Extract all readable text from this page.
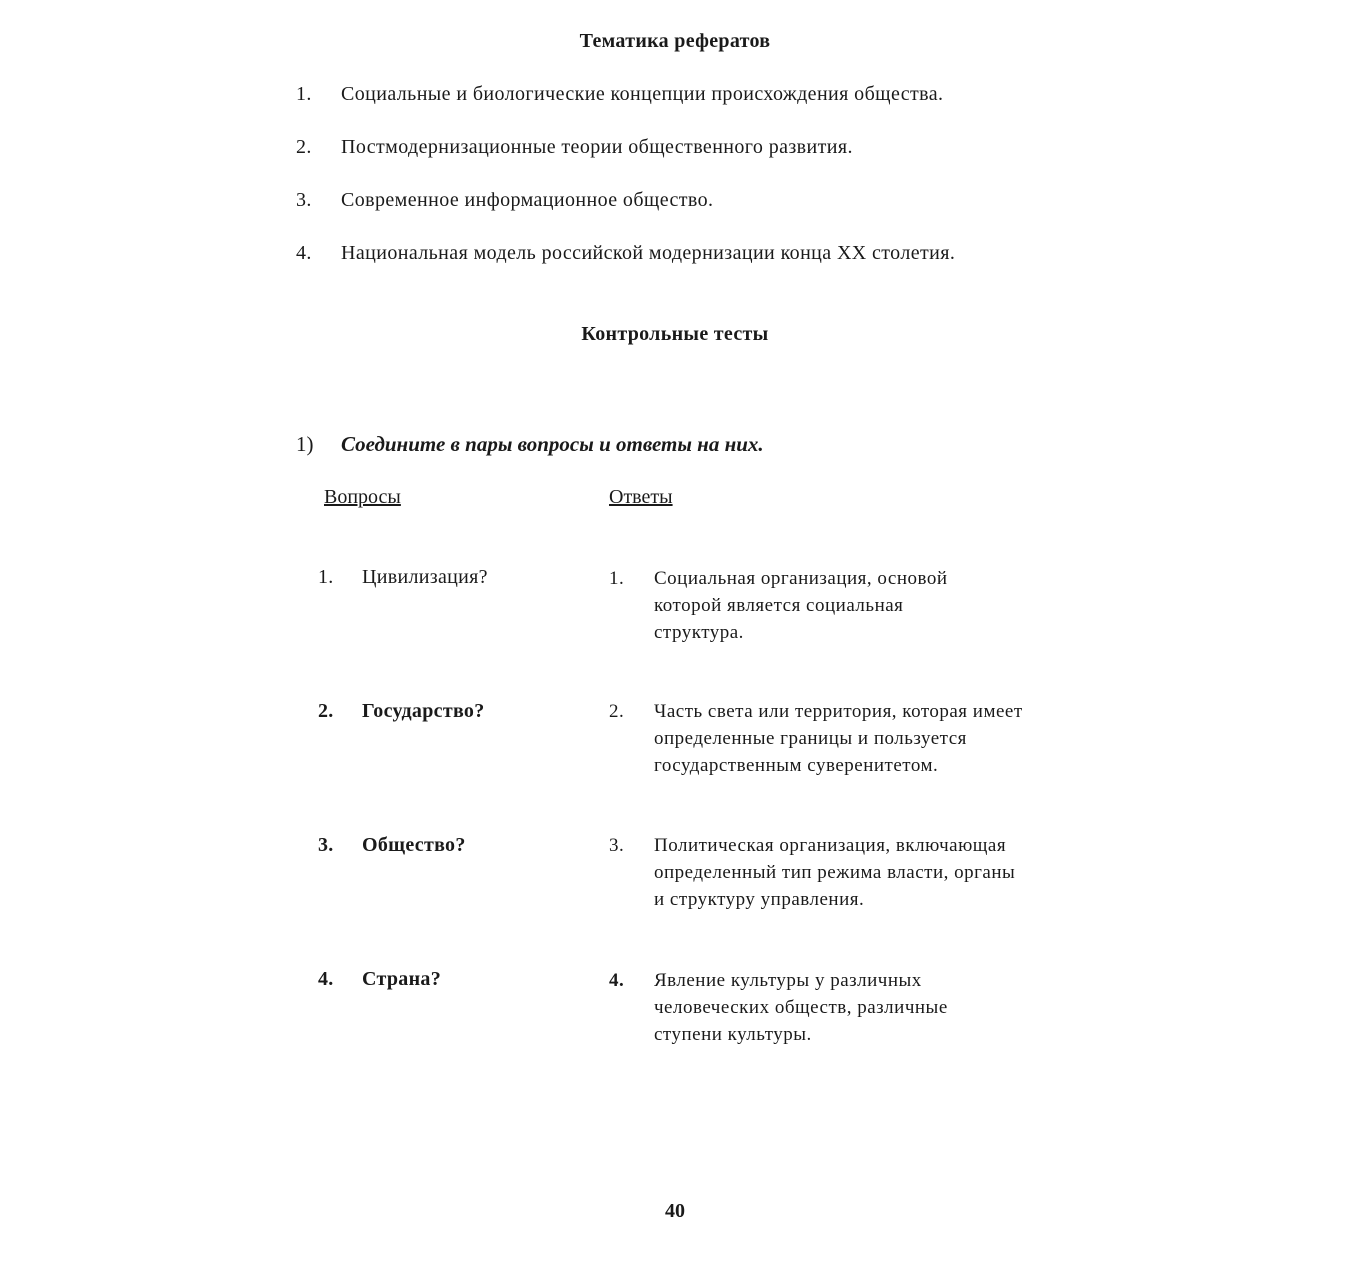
Тематика рефератов
1. Социальные и биологические концепции происхождения общества.
2. Постмодернизационные теории общественного развития.
3. Современное информационное общество.
4. Национальная модель российской модернизации конца XX столетия.
Контрольные тесты
1) Соедините в пары вопросы и ответы на них.
Вопросы	Ответы
1. Цивилизация?
2. Государство?
3. Общество?
4. Страна?
1. Социальная организация, основой которой является социальная структура.
2. Часть света или территория, которая имеет определенные границы и пользуется государственным суверенитетом.
3. Политическая организация, включающая определенный тип режима власти, органы и структуру управления.
4. Явление культуры у различных человеческих обществ, различные ступени культуры.
40
